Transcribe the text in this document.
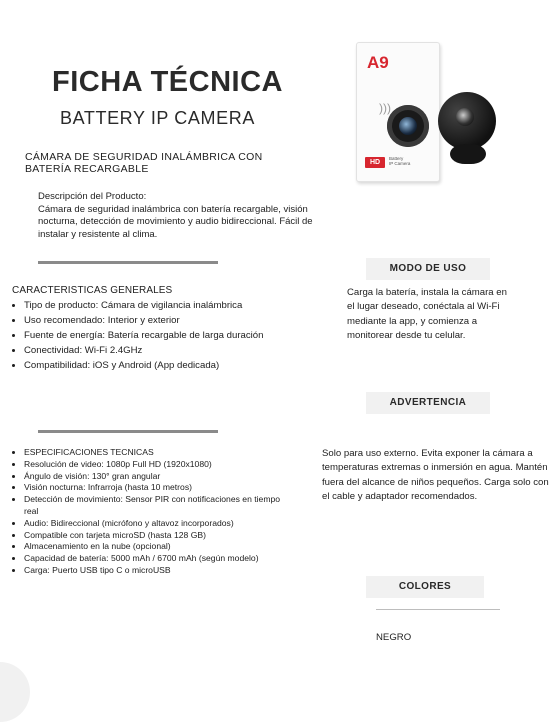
FICHA TÉCNICA
BATTERY IP CAMERA
A9
)))
HD
Battery
IP Camera
CÁMARA DE SEGURIDAD INALÁMBRICA CON BATERÍA RECARGABLE
Descripción del Producto:
Cámara de seguridad inalámbrica con batería recargable, visión nocturna, detección de movimiento y audio bidireccional. Fácil de instalar y resistente al clima.
CARACTERISTICAS GENERALES
• Tipo de producto: Cámara de vigilancia inalámbrica
• Uso recomendado: Interior y exterior
• Fuente de energía: Batería recargable de larga duración
• Conectividad: Wi-Fi 2.4GHz
• Compatibilidad: iOS y Android (App dedicada)
• ESPECIFICACIONES TECNICAS
• Resolución de video: 1080p Full HD (1920x1080)
• Ángulo de visión: 130° gran angular
• Visión nocturna: Infrarroja (hasta 10 metros)
• Detección de movimiento: Sensor PIR con notificaciones en tiempo real
• Audio: Bidireccional (micrófono y altavoz incorporados)
• Compatible con tarjeta microSD (hasta 128 GB)
• Almacenamiento en la nube (opcional)
• Capacidad de batería: 5000 mAh / 6700 mAh (según modelo)
• Carga: Puerto USB tipo C o microUSB
MODO DE USO
Carga la batería, instala la cámara en el lugar deseado, conéctala al Wi-Fi mediante la app, y comienza a monitorear desde tu celular.
ADVERTENCIA
Solo para uso externo. Evita exponer la cámara a temperaturas extremas o inmersión en agua. Mantén fuera del alcance de niños pequeños. Carga solo con el cable y adaptador recomendados.
COLORES
NEGRO
